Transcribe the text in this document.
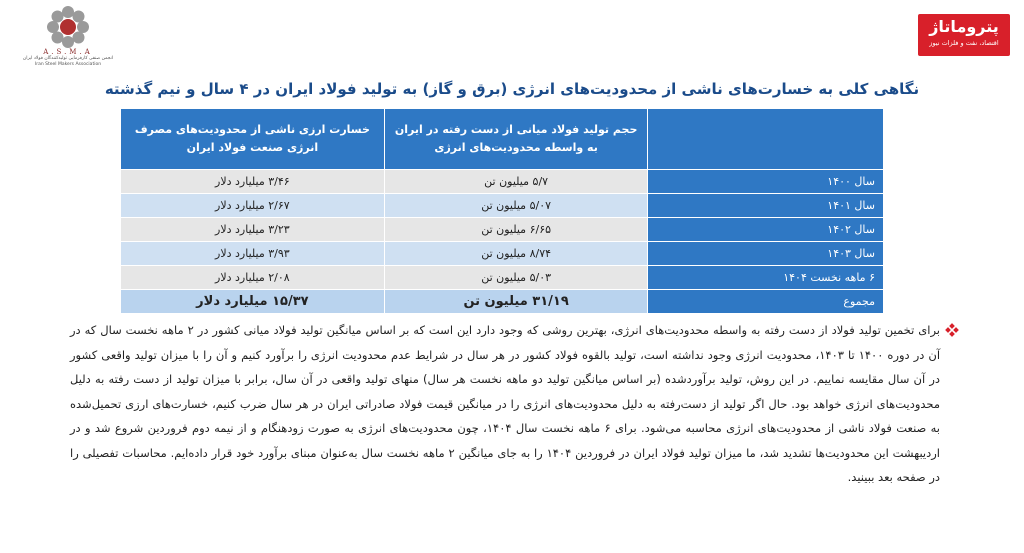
A.S.M.A
انجمن صنفی کارفرمایی تولیدکنندگان فولاد ایران
Iran Steel Makers Association
پتروماتاژ
اقتصاد، نفت و فلزات نیوز
نگاهی کلی به خسارت‌های ناشی از محدودیت‌های انرژی (برق و گاز) به تولید فولاد ایران در ۴ سال و نیم گذشته
	حجم تولید فولاد میانی از دست رفته در ایران به واسطه محدودیت‌های انرژی	خسارت ارزی ناشی از محدودیت‌های مصرف انرژی صنعت فولاد ایران
سال ۱۴۰۰	۵/۷ میلیون تن	۳/۴۶ میلیارد دلار
سال ۱۴۰۱	۵/۰۷ میلیون تن	۲/۶۷ میلیارد دلار
سال ۱۴۰۲	۶/۶۵ میلیون تن	۳/۲۳ میلیارد دلار
سال ۱۴۰۳	۸/۷۴ میلیون تن	۳/۹۳ میلیارد دلار
۶ ماهه نخست ۱۴۰۴	۵/۰۳ میلیون تن	۲/۰۸ میلیارد دلار
مجموع	۳۱/۱۹ میلیون تن	۱۵/۳۷ میلیارد دلار
برای تخمین تولید فولاد از دست رفته به واسطه محدودیت‌های انرژی، بهترین روشی که وجود دارد این است که بر اساس میانگین تولید فولاد میانی کشور در ۲ ماهه نخست سال که در آن در دوره ۱۴۰۰ تا ۱۴۰۳، محدودیت انرژی وجود نداشته است، تولید بالقوه فولاد کشور در هر سال در شرایط عدم محدودیت انرژی را برآورد کنیم و آن را با میزان تولید واقعی کشور در آن سال مقایسه نماییم. در این روش، تولید برآوردشده (بر اساس میانگین تولید دو ماهه نخست هر سال) منهای تولید واقعی در آن سال، برابر با میزان تولید از دست رفته به دلیل محدودیت‌های انرژی خواهد بود. حال اگر تولید از دست‌رفته به دلیل محدودیت‌های انرژی را در میانگین قیمت فولاد صادراتی ایران در هر سال ضرب کنیم، خسارت‌های ارزی تحمیل‌شده به صنعت فولاد ناشی از محدودیت‌های انرژی محاسبه می‌شود. برای ۶ ماهه نخست سال ۱۴۰۴، چون محدودیت‌های انرژی به صورت زودهنگام و از نیمه دوم فروردین شروع شد و در اردیبهشت این محدودیت‌ها تشدید شد، ما میزان تولید فولاد ایران در فروردین ۱۴۰۴ را به جای میانگین ۲ ماهه نخست سال به‌عنوان مبنای برآورد خود قرار داده‌ایم. محاسبات تفصیلی را در صفحه بعد ببینید.
